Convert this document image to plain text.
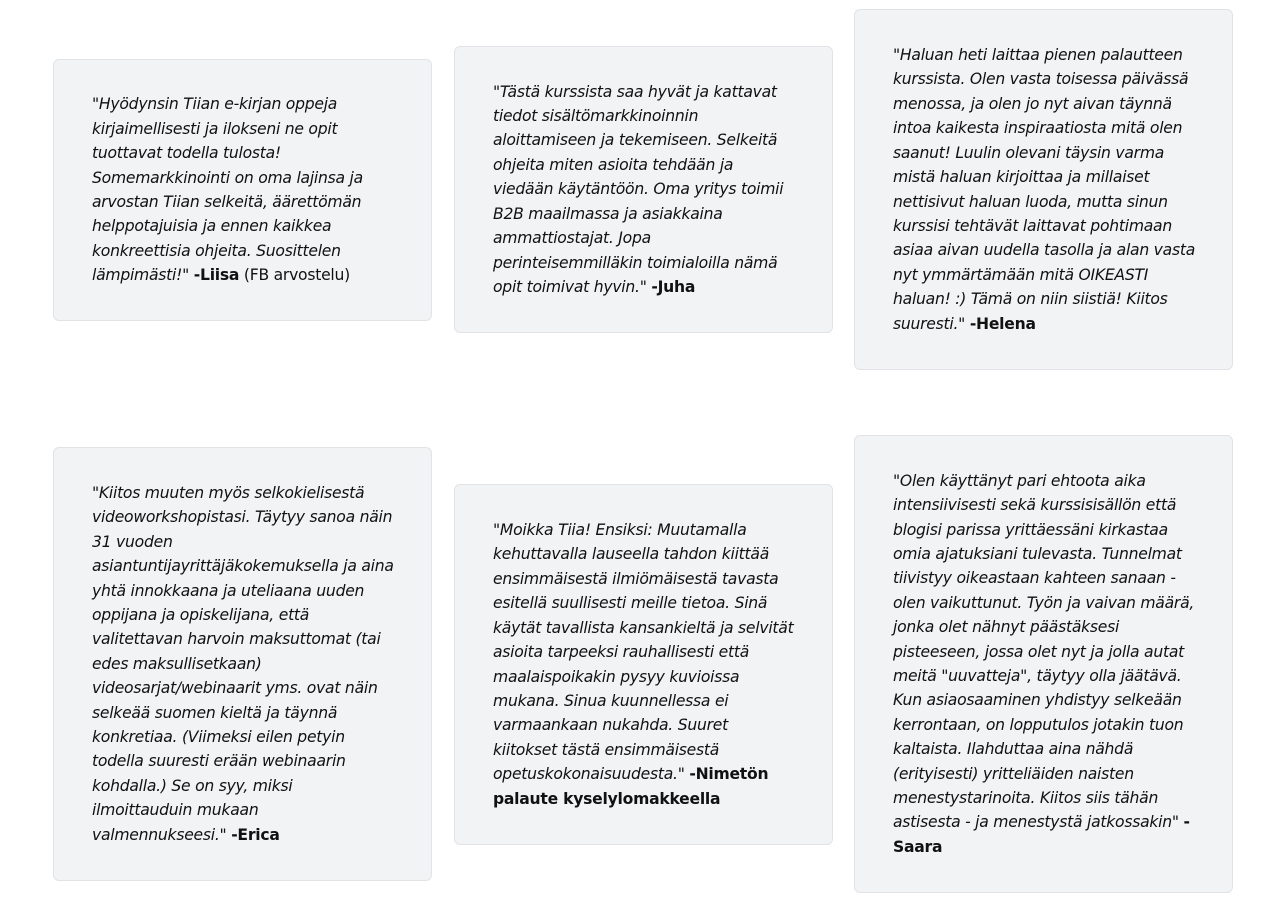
"Hyödynsin Tiian e-kirjan oppeja kirjaimellisesti ja ilokseni ne opit tuottavat todella tulosta! Somemarkkinointi on oma lajinsa ja arvostan Tiian selkeitä, äärettömän helppotajuisia ja ennen kaikkea konkreettisia ohjeita. Suosittelen lämpimästi!" -Liisa (FB arvostelu)
"Tästä kurssista saa hyvät ja kattavat tiedot sisältömarkkinoinnin aloittamiseen ja tekemiseen. Selkeitä ohjeita miten asioita tehdään ja viedään käytäntöön. Oma yritys toimii B2B maailmassa ja asiakkaina ammattiostajat. Jopa perinteisemmilläkin toimialoilla nämä opit toimivat hyvin." -Juha
"Haluan heti laittaa pienen palautteen kurssista. Olen vasta toisessa päivässä menossa, ja olen jo nyt aivan täynnä intoa kaikesta inspiraatiosta mitä olen saanut! Luulin olevani täysin varma mistä haluan kirjoittaa ja millaiset nettisivut haluan luoda, mutta sinun kurssisi tehtävät laittavat pohtimaan asiaa aivan uudella tasolla ja alan vasta nyt ymmärtämään mitä OIKEASTI haluan! :) Tämä on niin siistiä! Kiitos suuresti." -Helena
"Kiitos muuten myös selkokielisestä videoworkshopistasi. Täytyy sanoa näin 31 vuoden asiantuntijayrittäjäkokemuksella ja aina yhtä innokkaana ja uteliaana uuden oppijana ja opiskelijana, että valitettavan harvoin maksuttomat (tai edes maksullisetkaan) videosarjat/webinaarit yms. ovat näin selkeää suomen kieltä ja täynnä konkretiaa. (Viimeksi eilen petyin todella suuresti erään webinaarin kohdalla.) Se on syy, miksi ilmoittauduin mukaan valmennukseesi." -Erica
"Moikka Tiia! Ensiksi: Muutamalla kehuttavalla lauseella tahdon kiittää ensimmäisestä ilmiömäisestä tavasta esitellä suullisesti meille tietoa. Sinä käytät tavallista kansankieltä ja selvität asioita tarpeeksi rauhallisesti että maalaispoikakin pysyy kuvioissa mukana. Sinua kuunnellessa ei varmaankaan nukahda. Suuret kiitokset tästä ensimmäisestä opetuskokonaisuudesta." -Nimetön palaute kyselylomakkeella
"Olen käyttänyt pari ehtoota aika intensiivisesti sekä kurssisisällön että blogisi parissa yrittäessäni kirkastaa omia ajatuksiani tulevasta. Tunnelmat tiivistyy oikeastaan kahteen sanaan - olen vaikuttunut. Työn ja vaivan määrä, jonka olet nähnyt päästäksesi pisteeseen, jossa olet nyt ja jolla autat meitä "uuvatteja", täytyy olla jäätävä. Kun asiaosaaminen yhdistyy selkeään kerrontaan, on lopputulos jotakin tuon kaltaista. Ilahduttaa aina nähdä (erityisesti) yritteliäiden naisten menestystarinoita. Kiitos siis tähän astisesta - ja menestystä jatkossakin" -Saara
